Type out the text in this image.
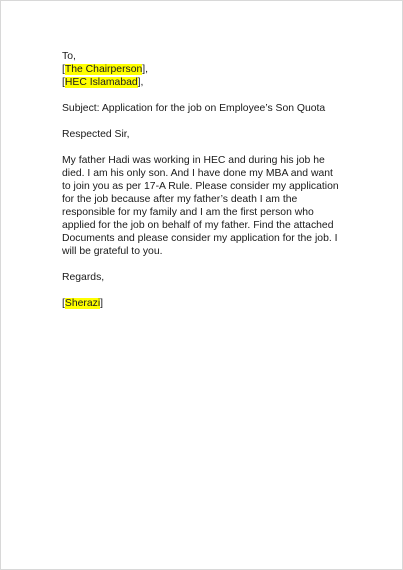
To,
[The Chairperson],
[HEC Islamabad],
Subject: Application for the job on Employee’s Son Quota
Respected Sir,
My father Hadi was working in HEC and during his job he died. I am his only son. And I have done my MBA and want to join you as per 17-A Rule. Please consider my application for the job because after my father’s death I am the responsible for my family and I am the first person who applied for the job on behalf of my father. Find the attached Documents and please consider my application for the job. I will be grateful to you.
Regards,
[Sherazi]
